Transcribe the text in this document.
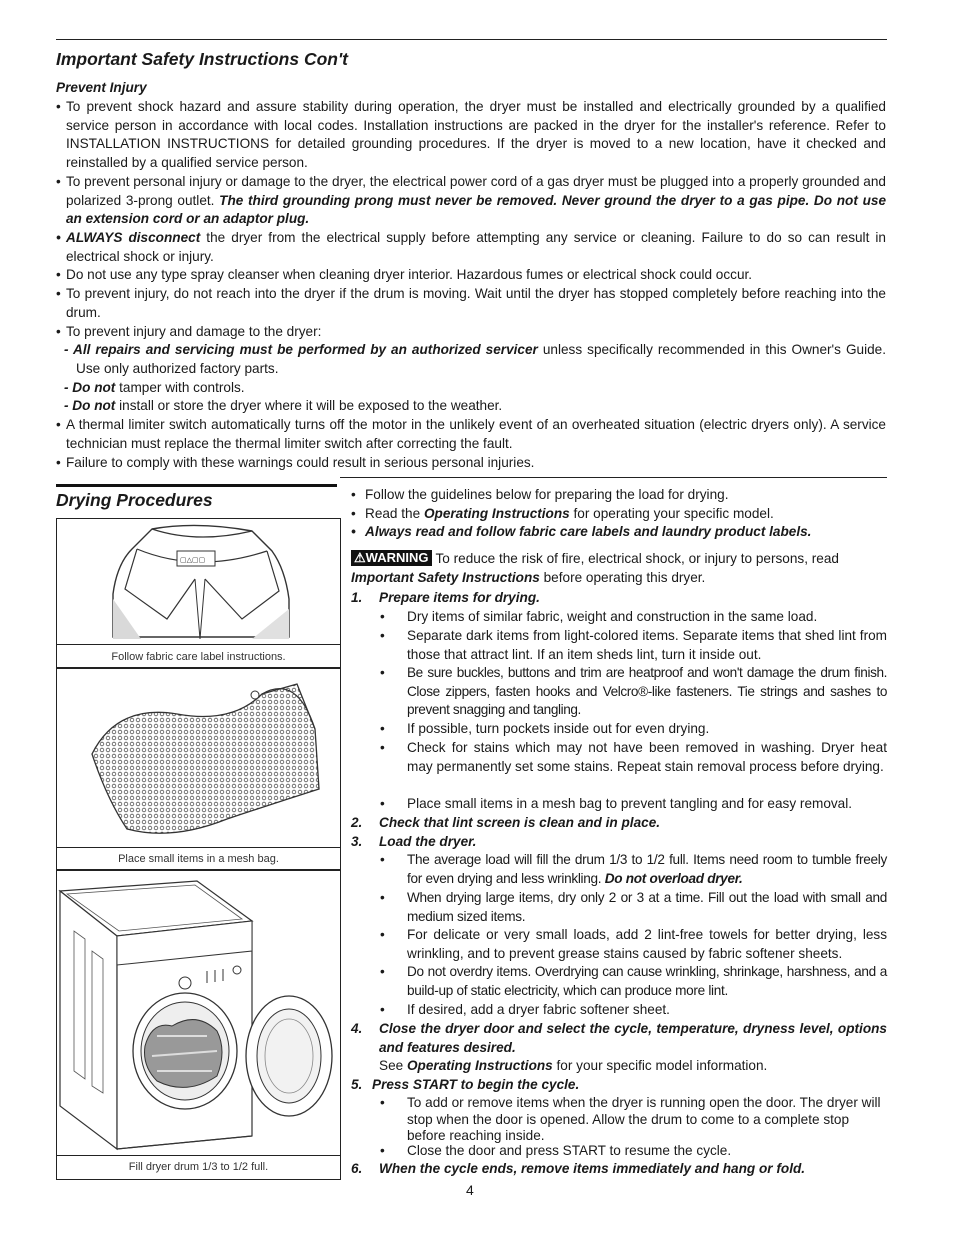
Important Safety Instructions Con't
Prevent Injury
• To prevent shock hazard and assure stability during operation, the dryer must be installed and electrically grounded by a qualified service person in accordance with local codes. Installation instructions are packed in the dryer for the installer's reference. Refer to INSTALLATION INSTRUCTIONS for detailed grounding procedures. If the dryer is moved to a new location, have it checked and reinstalled by a qualified service person.
• To prevent personal injury or damage to the dryer, the electrical power cord of a gas dryer must be plugged into a properly grounded and polarized 3-prong outlet. The third grounding prong must never be removed. Never ground the dryer to a gas pipe. Do not use an extension cord or an adaptor plug.
• ALWAYS disconnect the dryer from the electrical supply before attempting any service or cleaning. Failure to do so can result in electrical shock or injury.
• Do not use any type spray cleanser when cleaning dryer interior. Hazardous fumes or electrical shock could occur.
• To prevent injury, do not reach into the dryer if the drum is moving. Wait until the dryer has stopped completely before reaching into the drum.
• To prevent injury and damage to the dryer:
- All repairs and servicing must be performed by an authorized servicer unless specifically recommended in this Owner's Guide. Use only authorized factory parts.
- Do not tamper with controls.
- Do not install or store the dryer where it will be exposed to the weather.
• A thermal limiter switch automatically turns off the motor in the unlikely event of an overheated situation (electric dryers only). A service technician must replace the thermal limiter switch after correcting the fault.
• Failure to comply with these warnings could result in serious personal injuries.
Drying Procedures
▢△▢▢
Follow fabric care label instructions.
Place small items in a mesh bag.
Fill dryer drum 1/3 to 1/2 full.
• Follow the guidelines below for preparing the load for drying.
• Read the Operating Instructions for operating your specific model.
• Always read and follow fabric care labels and laundry product labels.
⚠WARNING To reduce the risk of fire, electrical shock, or injury to persons, read
Important Safety Instructions before operating this dryer.
1.	Prepare items for drying.
•	Dry items of similar fabric, weight and construction in the same load.
•	Separate dark items from light-colored items. Separate items that shed lint from those that attract lint. If an item sheds lint, turn it inside out.
•	Be sure buckles, buttons and trim are heatproof and won't damage the drum finish. Close zippers, fasten hooks and Velcro®-like fasteners. Tie strings and sashes to prevent snagging and tangling.
•	If possible, turn pockets inside out for even drying.
•	Check for stains which may not have been removed in washing. Dryer heat may permanently set some stains. Repeat stain removal process before drying.
•	Place small items in a mesh bag to prevent tangling and for easy removal.
2.	Check that lint screen is clean and in place.
3.	Load the dryer.
•	The average load will fill the drum 1/3 to 1/2 full. Items need room to tumble freely for even drying and less wrinkling. Do not overload dryer.
•	When drying large items, dry only 2 or 3 at a time. Fill out the load with small and medium sized items.
•	For delicate or very small loads, add 2 lint-free towels for better drying, less wrinkling, and to prevent grease stains caused by fabric softener sheets.
•	Do not overdry items. Overdrying can cause wrinkling, shrinkage, harshness, and a build-up of static electricity, which can produce more lint.
•	If desired, add a dryer fabric softener sheet.
4.	Close the dryer door and select the cycle, temperature, dryness level, options and features desired.
See Operating Instructions for your specific model information.
5. Press START to begin the cycle.
•	To add or remove items when the dryer is running open the door. The dryer will stop when the door is opened. Allow the drum to come to a complete stop before reaching inside.
•	Close the door and press START to resume the cycle.
6.	When the cycle ends, remove items immediately and hang or fold.
4
